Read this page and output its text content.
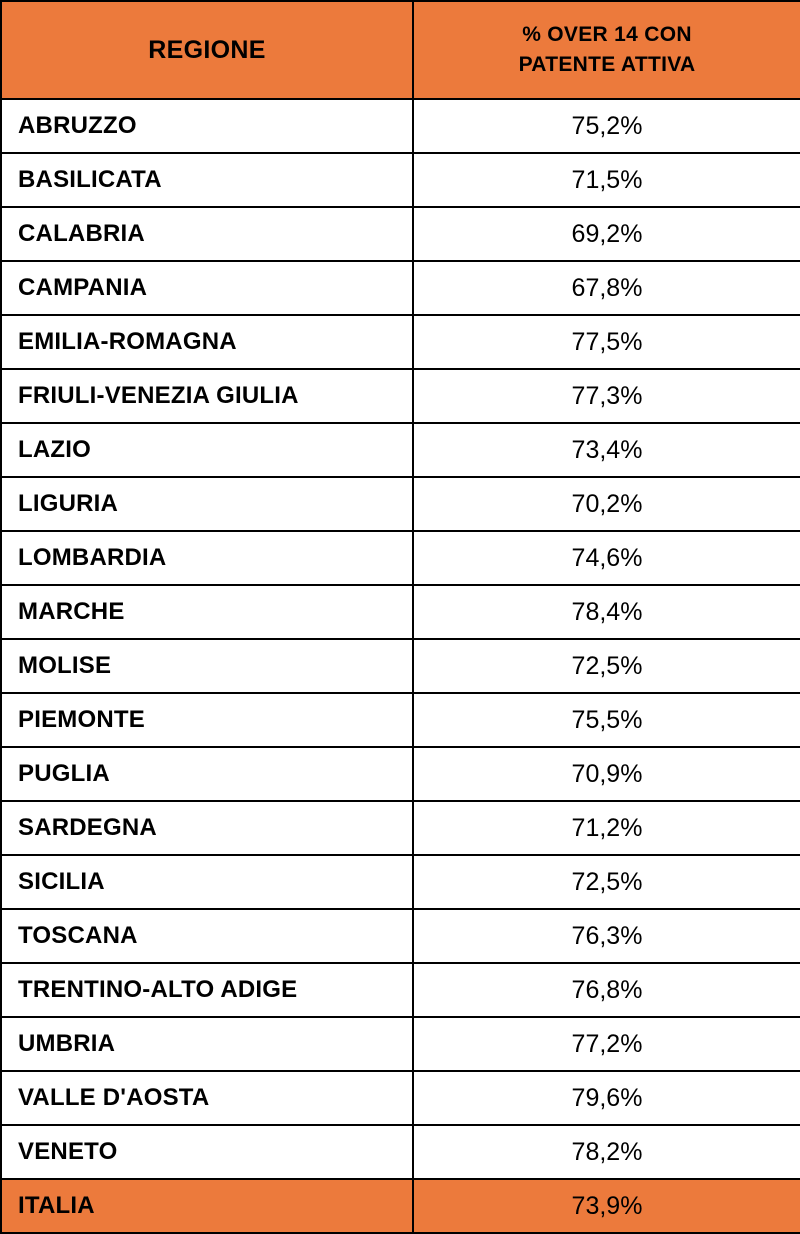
REGIONE	% OVER 14 CON
PATENTE ATTIVA

ABRUZZO	75,2%
BASILICATA	71,5%
CALABRIA	69,2%
CAMPANIA	67,8%
EMILIA-ROMAGNA	77,5%
FRIULI-VENEZIA GIULIA	77,3%
LAZIO	73,4%
LIGURIA	70,2%
LOMBARDIA	74,6%
MARCHE	78,4%
MOLISE	72,5%
PIEMONTE	75,5%
PUGLIA	70,9%
SARDEGNA	71,2%
SICILIA	72,5%
TOSCANA	76,3%
TRENTINO-ALTO ADIGE	76,8%
UMBRIA	77,2%
VALLE D'AOSTA	79,6%
VENETO	78,2%
ITALIA	73,9%
